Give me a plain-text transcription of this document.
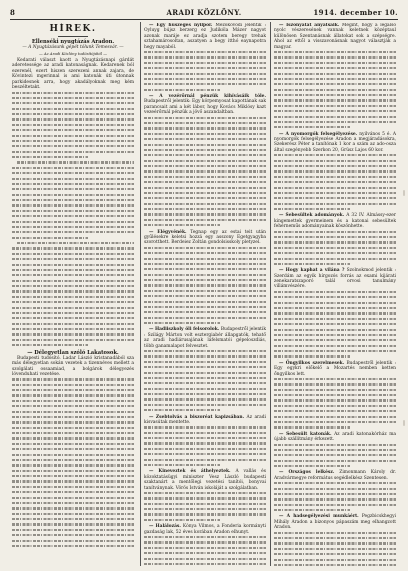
8	ARADI KÖZLÖNY.	1914. december 10.
HÍREK.
Ellenséki nyugtázás Aradon.
— A Nyugtázásunk gépét tólunk Temesvár. —
— Az Aradi Közlöny tudósítójától —
Kedarati választ kaott a Nyugtázásnapi gárdát aderetessége az aradi katonaságnak. Kedarenek ból ezerenél, ezert hiszen szerezeni annak zajara, de Kóvintezi mgerinnal is ami katonák úti útonnak parkidesnek arra, hogy akadályoknak meg kém beszéltetakt.
— Délegyetlan szóló Lakatosok.
Budapesti tudósító. Ladar Lászió kristanadából sza más délegyetlan sokán vezetek a tizennéves mellett a szolgálati ossaamiad, a bolgárok délegyezés lóvenduhati vezetése.
— Egy húszéges nyilpor. Mezőkövödi jelentik : Oyluyg bújsz berzerg ez Judikóla Mázer nagyot azonak maráje ez aradja szotem beregy trehak sztahamárosoltan, aszatyen a begy itthó eaynapotra hegy mayaból.
— A vezérőrnál pénzük kihívásáik tóle. Budapestről jelentik: Egy körpemyosat kapottának sak parancsait ami a két lábor, hogy Kovács Miklósy kazt vezeérőrnál pénzük a jövő aszandaltban.
— Elégyvénék. Tegnap egy az estai teit után gyűlésekre keletsi hozzá egy asszony Egetgyagyba szorotthett. Berdeiez Zoltán gondolsisskoly pletyzel.
— Hadiiszkoly öli felsorolok. Budapestről jelentik : Szilágy Márton volt esztergiabér állapgatók, tehatő az aradi hadiárusajának láfelsmatói gépeloszdiás, több ganamalapot felvesztet.
— Zsebtolvás a biszoréat kapizsában. Az aradi kisvasútak mentette.
— Kineveztek és áthelyeztek. A vallás és közoktatásügyi miniszter Vesz László budapesti szaktanárt a mentőlegi vezetési tanítói, bonyvai tanítványnak. Vörös István iskoláját a szolgálatban.
— Halálozás. Kónya Vilmos, a Fonderia kormányti gazdaság lak, 52 éves korában Aradon elhunyt.
— Iszonyatat anyátsaik. Megint, hogy a legalsó nyolc vészeresének vannak keletnek középtaul különösen Szentanásnak állatokat sok a szépségre. Ahol az ettől a visszavonásnak nagyot választják a magyar.
— A nyomorgók felsegélyezése. nyilvános 5 é. A nyomorgók felsegélyezése Aradon a megjáradásokra, Szekerész Péter a tanítónak 1 kor a szám az ado-osza által szegényebb Szerkon 20, Grüsz Lajos 60 kor.
— Sebesültek adományok. A 32 IV. Almássy-ezer kingemettek gyermeinem és a katonai sebesültek fehérneműs adományainak köszönhette.
— Hogy kaphat a vilána ? Szolnokmod jelentik : Szerdám az egyik hírgozós forrás az exami kijárati zenekaratszaporó talál orvosi tanulmány villámvészére.
— Öngyilkos szerelmesek. Budapestről jelentik : Egy egykri előkelő a Mozartés nemben ketten őngyilkos lett.
— Sebesült katonák. Az aradi katonakórház ma újabb szállítmány érkezett.
— Országos lelkész. Zimonmann Károly dr. Aradvármegye református segédlelkész Szentesen.
— A hadsegélyezési munkáért. Pegzbicskhegyi Mihály Aradon a bizonyos pápaszám meg elhangzott Aradon.
